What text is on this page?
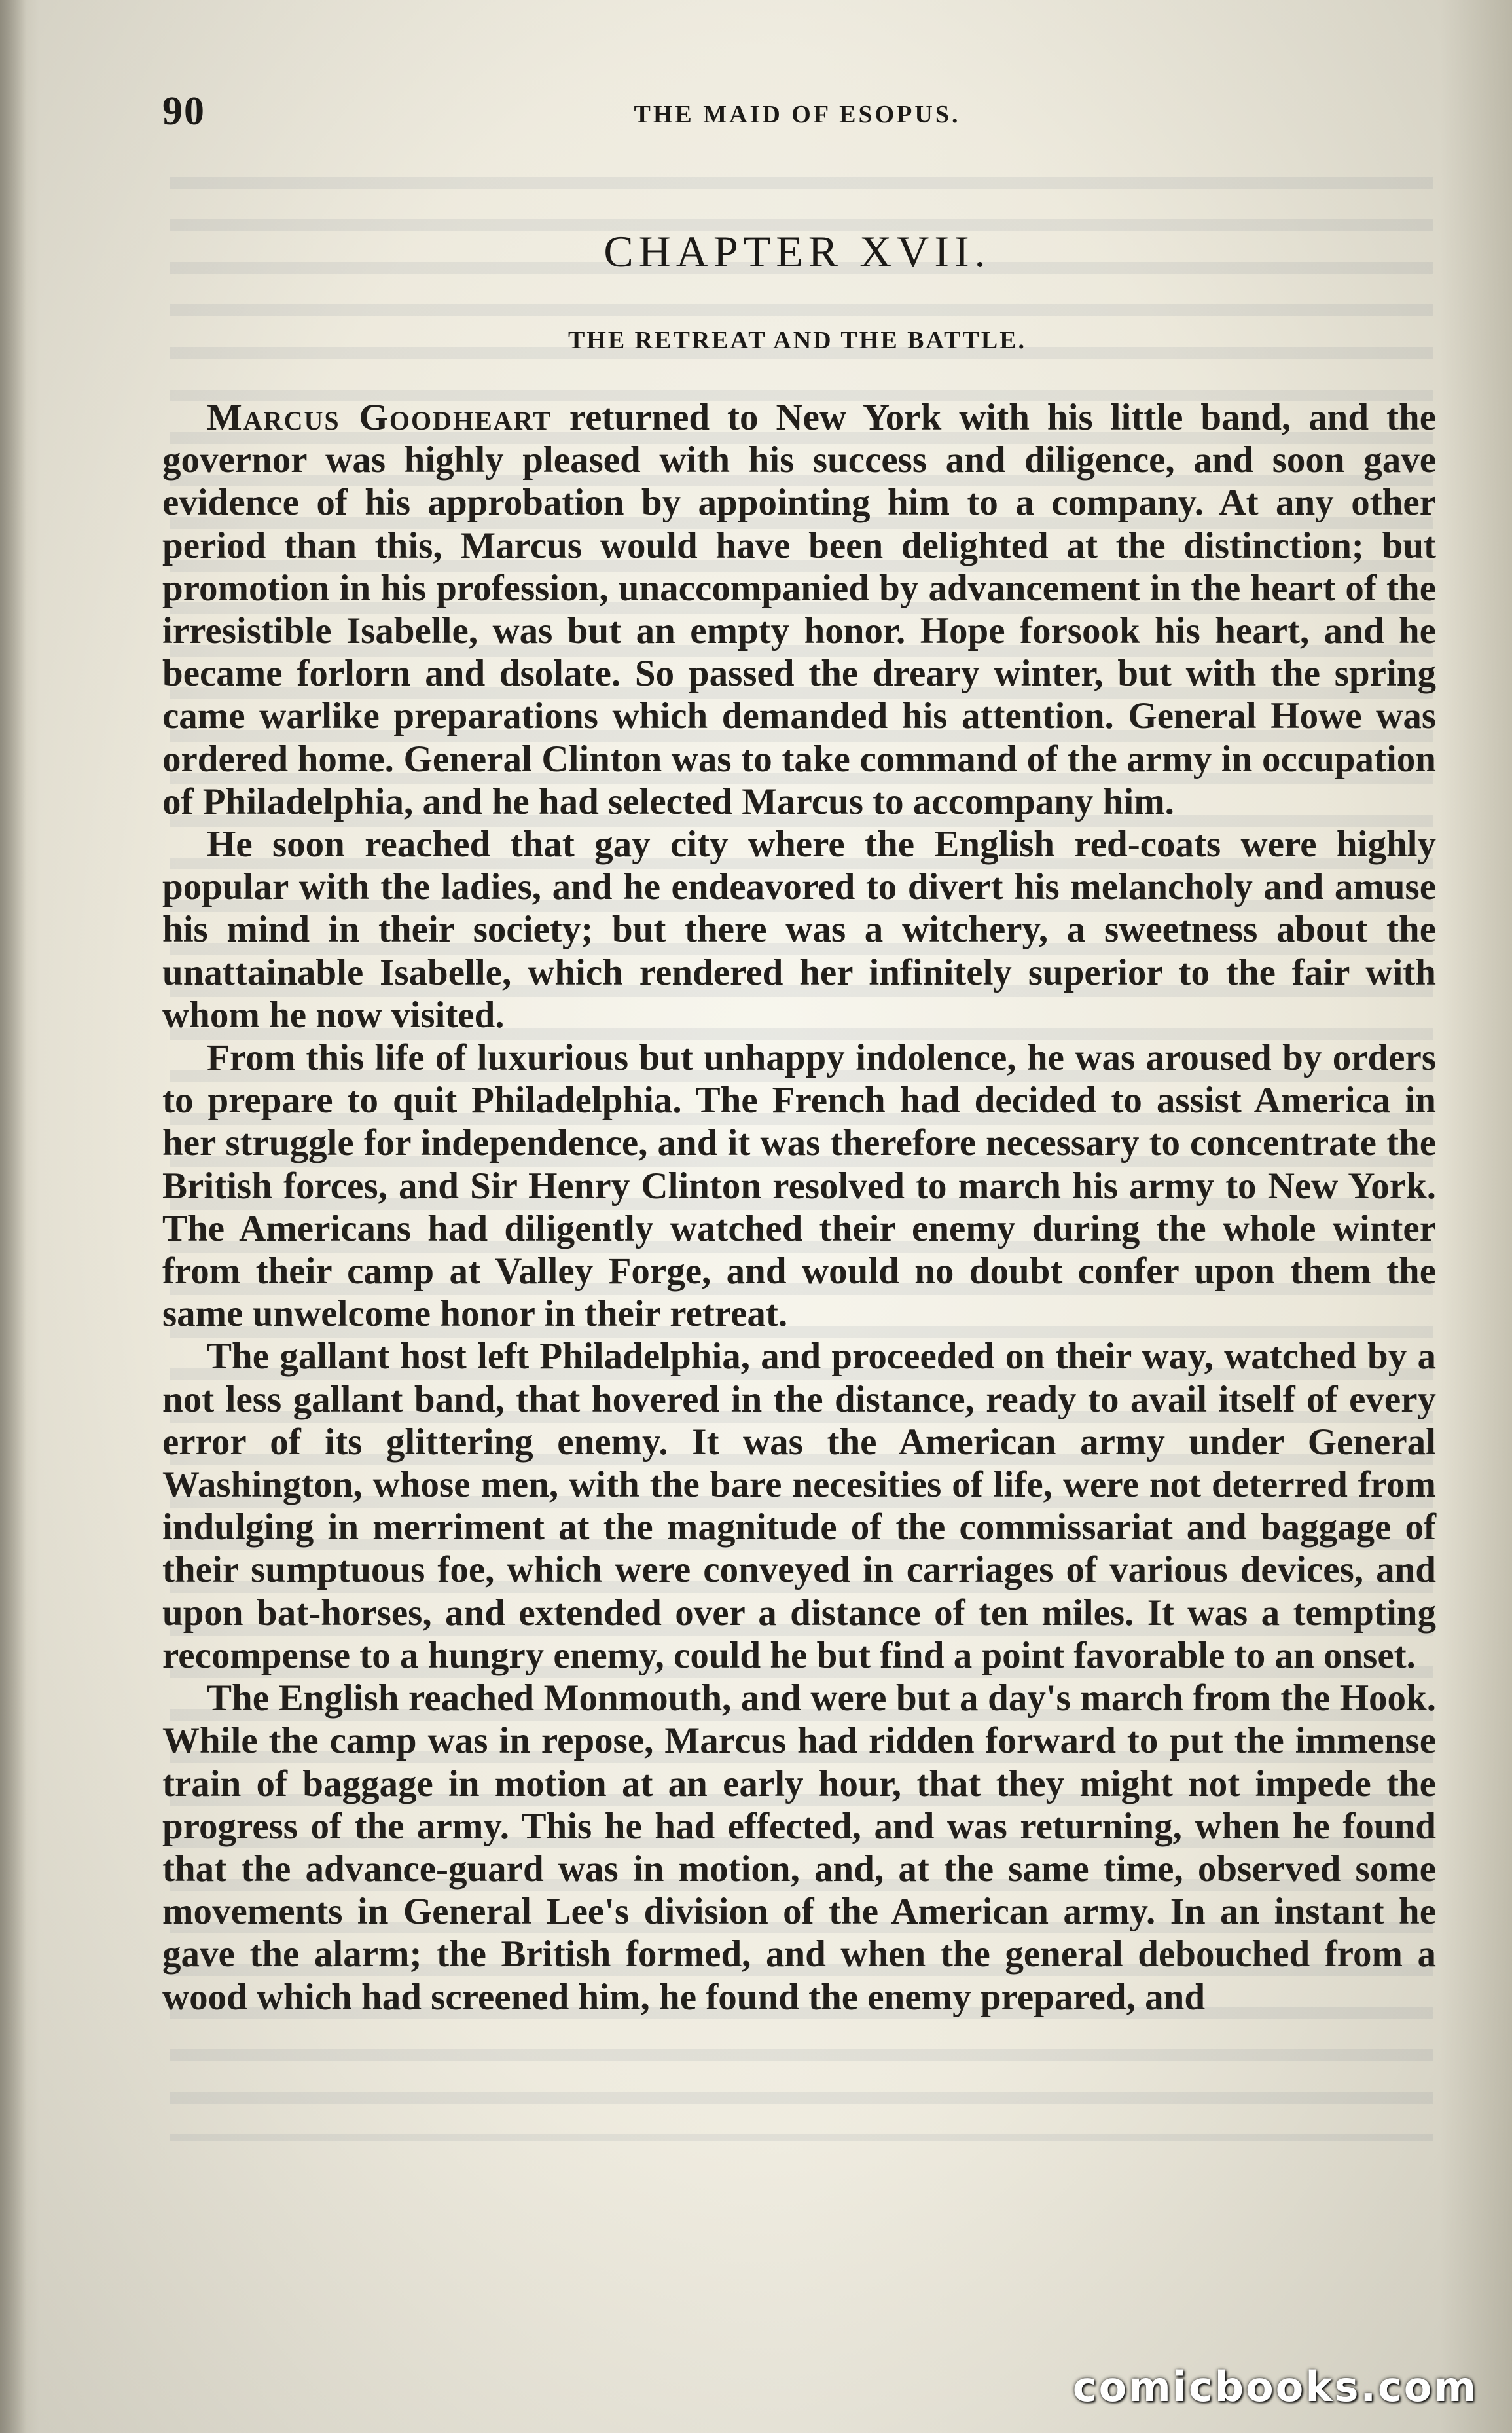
90	THE MAID OF ESOPUS.
CHAPTER XVII.
THE RETREAT AND THE BATTLE.

Marcus Goodheart returned to New York with his little band, and the governor was highly pleased with his success and diligence, and soon gave evidence of his approbation by appointing him to a company. At any other period than this, Marcus would have been delighted at the distinction; but promotion in his profession, unaccompanied by advancement in the heart of the irresistible Isabelle, was but an empty honor. Hope forsook his heart, and he became forlorn and dsolate. So passed the dreary winter, but with the spring came warlike preparations which demanded his attention. General Howe was ordered home. General Clinton was to take command of the army in occupation of Philadelphia, and he had selected Marcus to accompany him.

He soon reached that gay city where the English red-coats were highly popular with the ladies, and he endeavored to divert his melancholy and amuse his mind in their society; but there was a witchery, a sweetness about the unattainable Isabelle, which rendered her infinitely superior to the fair with whom he now visited.

From this life of luxurious but unhappy indolence, he was aroused by orders to prepare to quit Philadelphia. The French had decided to assist America in her struggle for independence, and it was therefore necessary to concentrate the British forces, and Sir Henry Clinton resolved to march his army to New York. The Americans had diligently watched their enemy during the whole winter from their camp at Valley Forge, and would no doubt confer upon them the same unwelcome honor in their retreat.

The gallant host left Philadelphia, and proceeded on their way, watched by a not less gallant band, that hovered in the distance, ready to avail itself of every error of its glittering enemy. It was the American army under General Washington, whose men, with the bare necesities of life, were not deterred from indulging in merriment at the magnitude of the commissariat and baggage of their sumptuous foe, which were conveyed in carriages of various devices, and upon bat-horses, and extended over a distance of ten miles. It was a tempting recompense to a hungry enemy, could he but find a point favorable to an onset.

The English reached Monmouth, and were but a day's march from the Hook. While the camp was in repose, Marcus had ridden forward to put the immense train of baggage in motion at an early hour, that they might not impede the progress of the army. This he had effected, and was returning, when he found that the advance-guard was in motion, and, at the same time, observed some movements in General Lee's division of the American army. In an instant he gave the alarm; the British formed, and when the general debouched from a wood which had screened him, he found the enemy prepared, and

comicbooks.com
